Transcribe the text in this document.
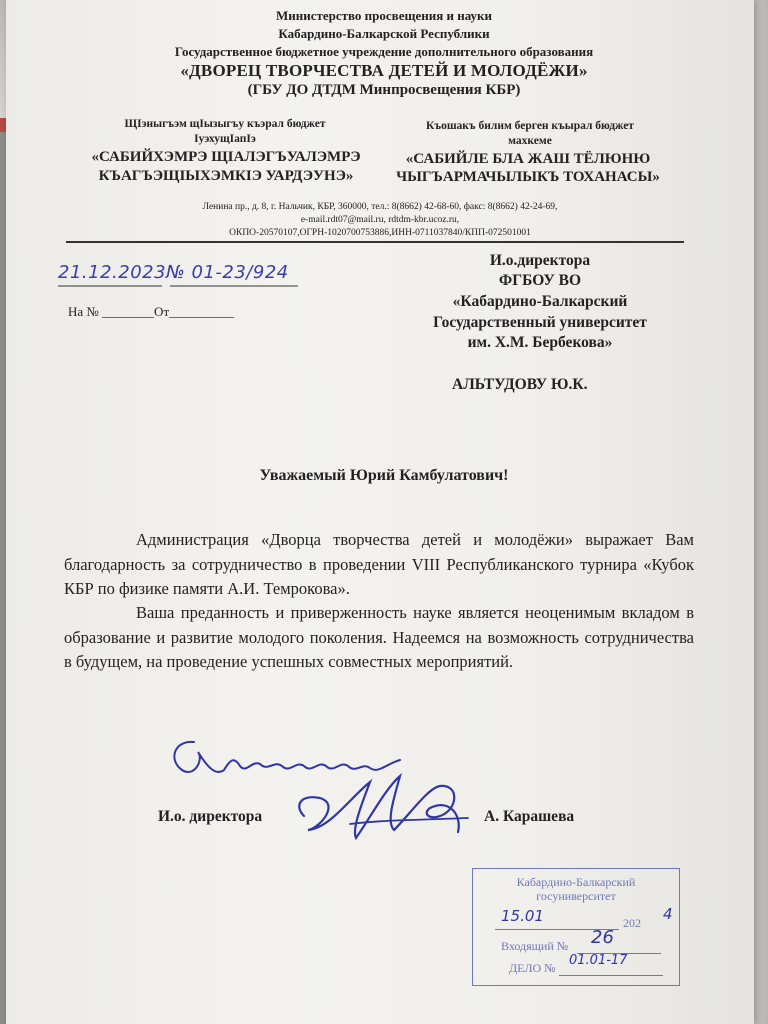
Министерство просвещения и науки
Кабардино-Балкарской Республики
Государственное бюджетное учреждение дополнительного образования
«ДВОРЕЦ ТВОРЧЕСТВА ДЕТЕЙ И МОЛОДЁЖИ»
(ГБУ ДО ДТДМ Минпросвещения КБР)
ЩIэныгъэм щIызыгъу къэрал бюджет
IуэхущIапIэ
«САБИЙХЭМРЭ ЩIАЛЭГЪУАЛЭМРЭ
КЪАГЪЭЩIЫХЭМКIЭ УАРДЭУНЭ»
Къошакъ билим берген къырал бюджет
махкеме
«САБИЙЛЕ БЛА ЖАШ ТЁЛЮНЮ
ЧЫГЪАРМАЧЫЛЫКЪ ТОХАНАСЫ»
Ленина пр., д. 8, г. Нальчик, КБР, 360000, тел.: 8(8662) 42-68-60, факс: 8(8662) 42-24-69,
e-mail.rdt07@mail.ru, rdtdm-kbr.ucoz.ru,
ОКПО-20570107,ОГРН-1020700753886,ИНН-0711037840/КПП-072501001
21.12.2023№ 01-23/924
На № ________От__________
И.о.директора
ФГБОУ ВО
«Кабардино-Балкарский
Государственный университет
им. Х.М. Бербекова»
АЛЬТУДОВУ Ю.К.
Уважаемый Юрий Камбулатович!
Администрация «Дворца творчества детей и молодёжи» выражает Вам благодарность за сотрудничество в проведении VIII Республиканского турнира «Кубок КБР по физике памяти А.И. Темрокова».
Ваша преданность и приверженность науке является неоценимым вкладом в образование и развитие молодого поколения. Надеемся на возможность сотрудничества в будущем, на проведение успешных совместных мероприятий.
И.о. директора	А. Карашева
Кабардино-Балкарский
госуниверситет
202
Входящий №
ДЕЛО №
15.01	4
26
01.01-17
